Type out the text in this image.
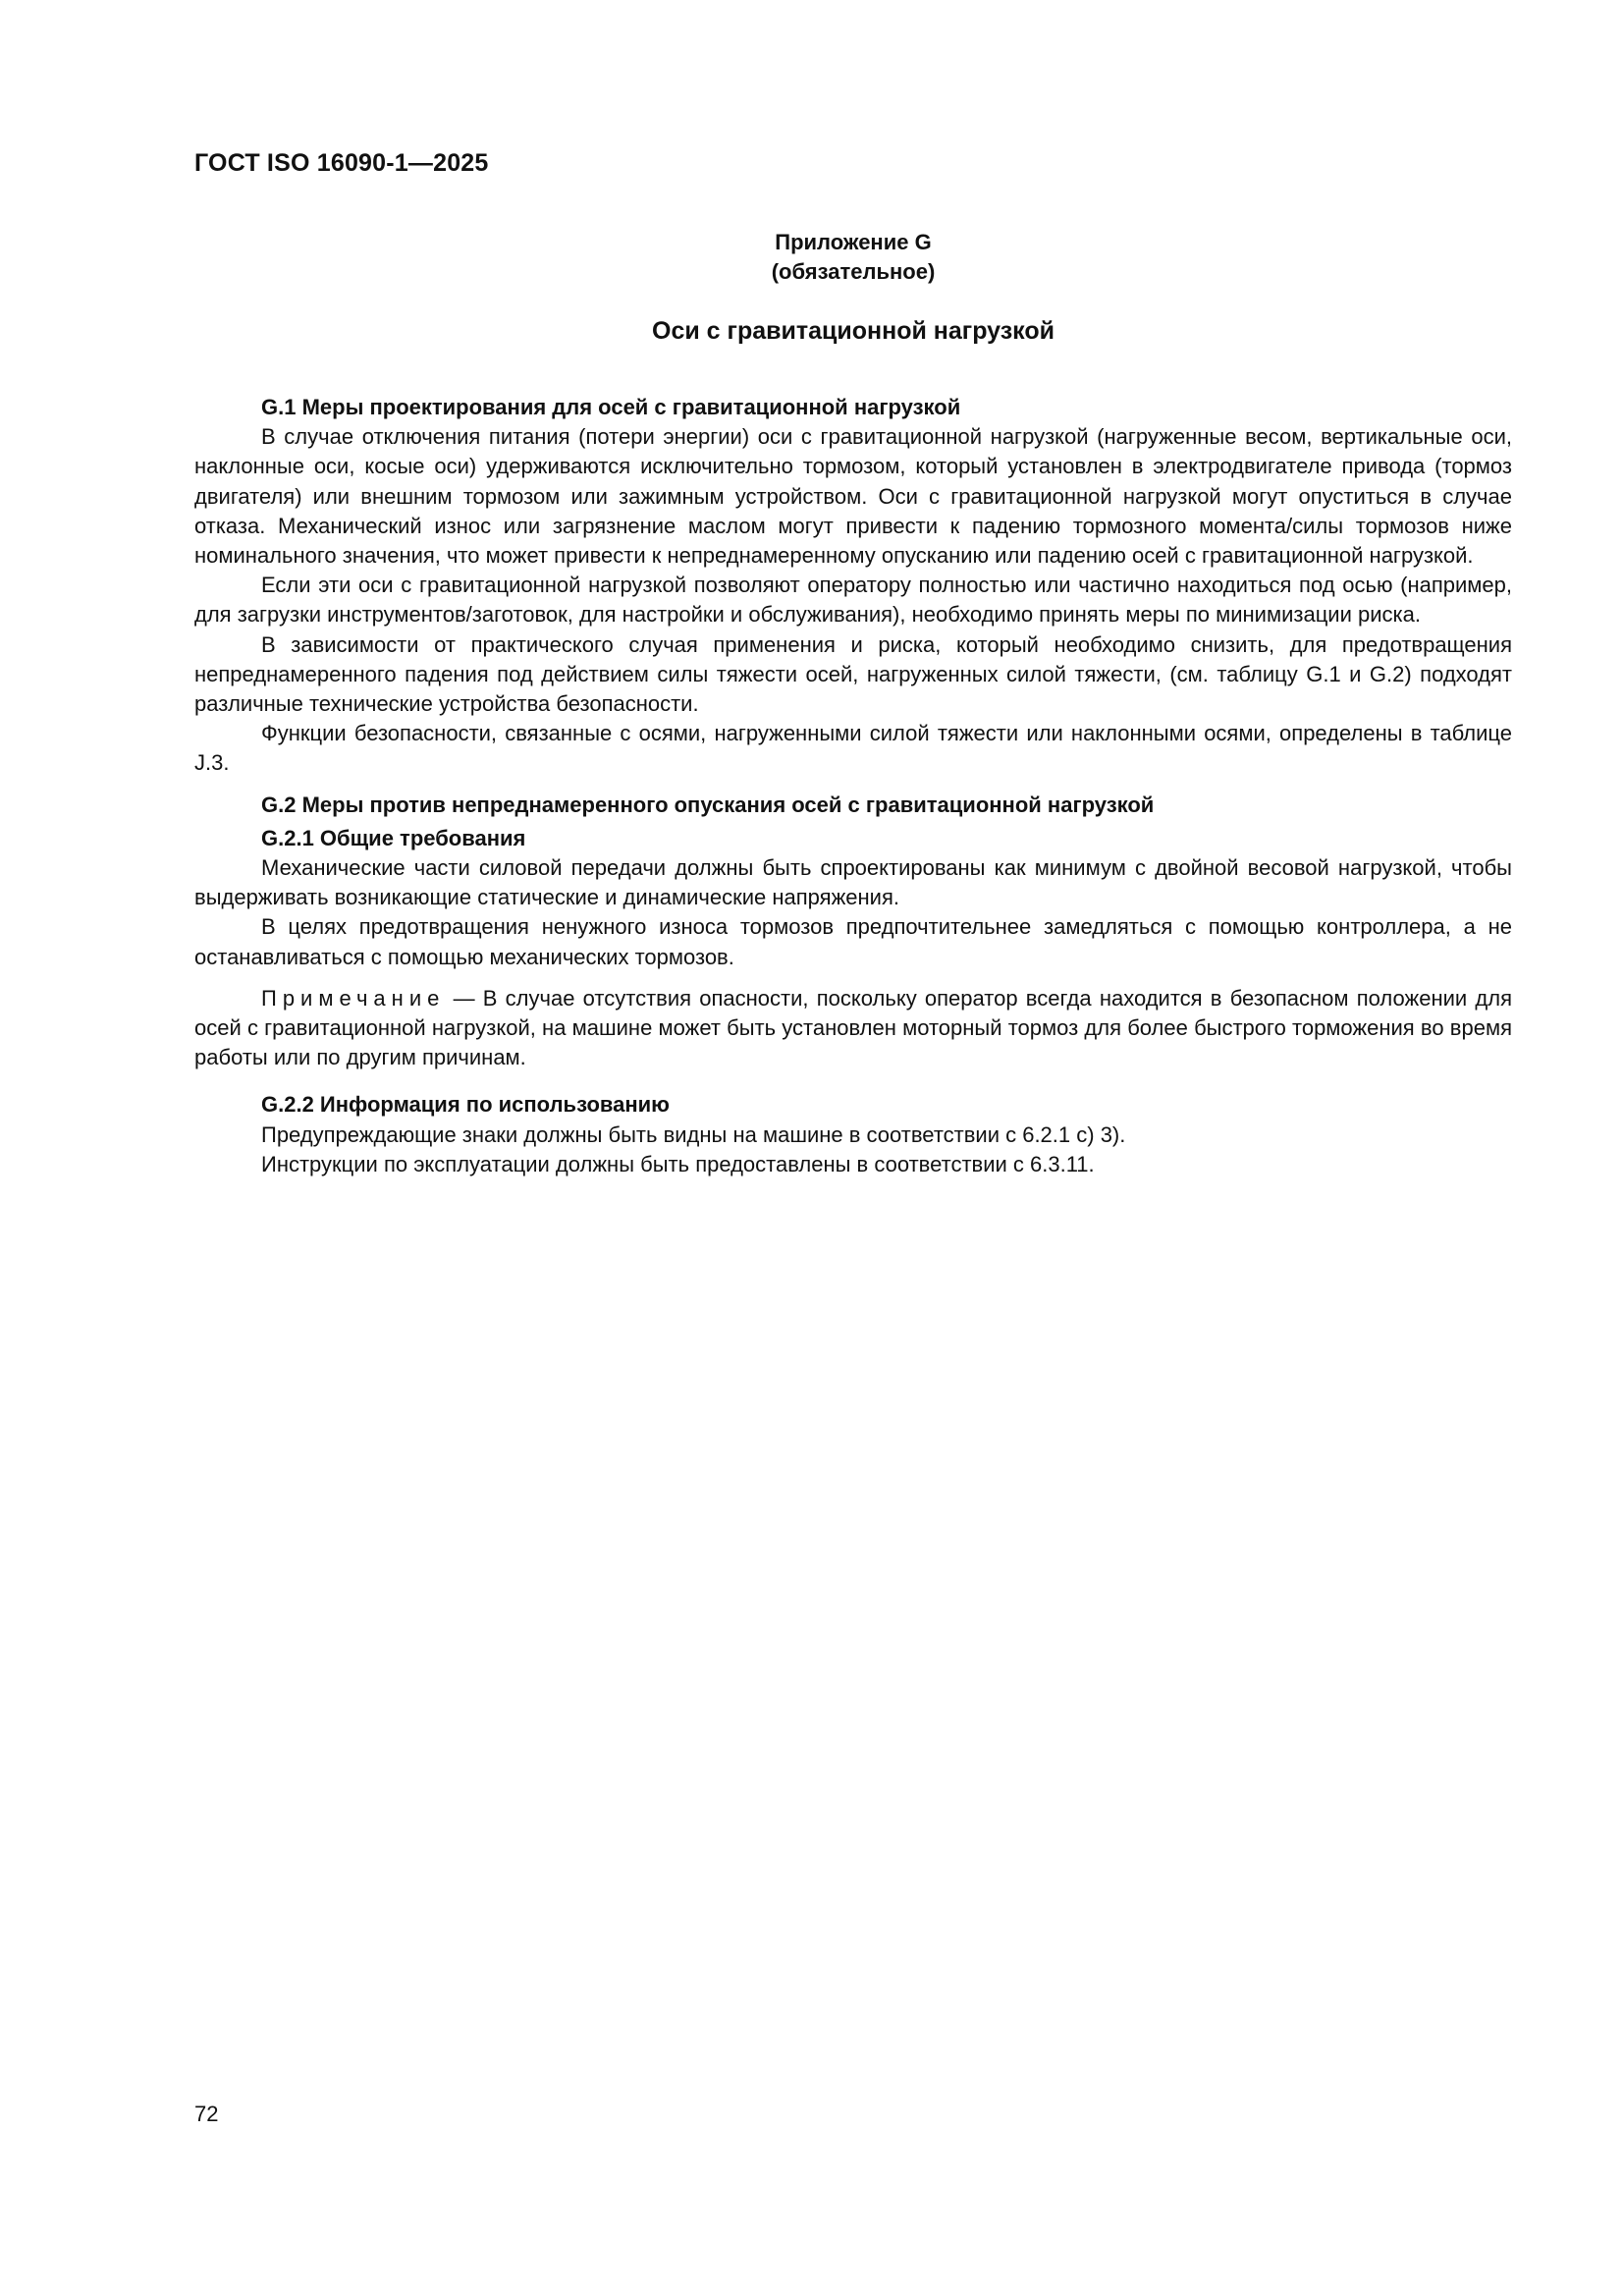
ГОСТ ISO 16090-1—2025
Приложение G
(обязательное)
Оси с гравитационной нагрузкой
G.1 Меры проектирования для осей с гравитационной нагрузкой

В случае отключения питания (потери энергии) оси с гравитационной нагрузкой (нагруженные весом, вертикальные оси, наклонные оси, косые оси) удерживаются исключительно тормозом, который установлен в электродвигателе привода (тормоз двигателя) или внешним тормозом или зажимным устройством. Оси с гравитационной нагрузкой могут опуститься в случае отказа. Механический износ или загрязнение маслом могут привести к падению тормозного момента/силы тормозов ниже номинального значения, что может привести к непреднамеренному опусканию или падению осей с гравитационной нагрузкой.

Если эти оси с гравитационной нагрузкой позволяют оператору полностью или частично находиться под осью (например, для загрузки инструментов/заготовок, для настройки и обслуживания), необходимо принять меры по минимизации риска.

В зависимости от практического случая применения и риска, который необходимо снизить, для предотвращения непреднамеренного падения под действием силы тяжести осей, нагруженных силой тяжести, (см. таблицу G.1 и G.2) подходят различные технические устройства безопасности.

Функции безопасности, связанные с осями, нагруженными силой тяжести или наклонными осями, определены в таблице J.3.

G.2 Меры против непреднамеренного опускания осей с гравитационной нагрузкой
G.2.1 Общие требования

Механические части силовой передачи должны быть спроектированы как минимум с двойной весовой нагрузкой, чтобы выдерживать возникающие статические и динамические напряжения.

В целях предотвращения ненужного износа тормозов предпочтительнее замедляться с помощью контроллера, а не останавливаться с помощью механических тормозов.

Примечание — В случае отсутствия опасности, поскольку оператор всегда находится в безопасном положении для осей с гравитационной нагрузкой, на машине может быть установлен моторный тормоз для более быстрого торможения во время работы или по другим причинам.

G.2.2 Информация по использованию

Предупреждающие знаки должны быть видны на машине в соответствии с 6.2.1 с) 3).

Инструкции по эксплуатации должны быть предоставлены в соответствии с 6.3.11.

72
